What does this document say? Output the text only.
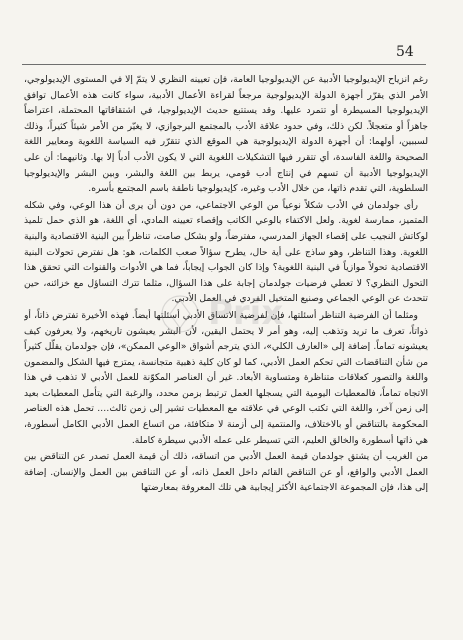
54

رغم انزياح الإيديولوجيا الأدبية عن الإيديولوجيا العامة، فإن تعيينه النظري لا يتمّ إلا في المستوى الإيديولوجي، الأمر الذي يقرّر أجهزة الدولة الإيديولوجية مرجعاً لقراءة الأعمال الأدبية، سواء كانت هذه الأعمال توافق الإيديولوجيا المسيطرة أو تتمرد عليها. وقد يستتبع حديث الإيديولوجيا، في اشتقاقاتها المحتملة، اعتراضاً جاهزاً أو متعجلاً. لكن ذلك، وفي حدود علاقة الأدب بالمجتمع البرجوازي، لا يغيّر من الأمر شيئاً كثيراً، وذلك لسببين، أولهما: أن أجهزة الدولة الإيديولوجية هي الموقع الذي تتقرّر فيه السياسة اللغوية ومعايير اللغة الصحيحة واللغة الفاسدة، أي تتقرر فيها التشكيلات اللغوية التي لا يكون الأدب أدباً إلا بها. وثانيهما: أن على الإيديولوجيا الأدبية أن تسهم في إنتاج أدب قومي، يربط بين اللغة والبشر، وبين البشر والإيديولوجيا السلطوية، التي تقدم ذاتها، من خلال الأدب وغيره، كإيديولوجيا ناطقة باسم المجتمع بأسره.

رأى جولدمان في الأدب شكلاً نوعياً من الوعي الاجتماعي، من دون أن يرى أن هذا الوعي، وفي شكله المتميز، ممارسة لغوية. ولعل الاكتفاء بالوعي الكاتب وإقصاء تعيينه المادي، أي اللغة، هو الذي حمل تلميذ لوكاتش النجيب على إقصاء الجهاز المدرسي، مفترضاً، ولو بشكل صامت، تناظراً بين البنية الاقتصادية والبنية اللغوية. وهذا التناظر، وهو ساذج على أية حال، يطرح سؤالاً صعب الكلمات، هو: هل نفترض تحولات البنية الاقتصادية تحولاً موازياً في البنية اللغوية؟ وإذا كان الجواب إيجاباً، فما هي الأدوات والقنوات التي تحقق هذا التحول النظري؟ لا تعطي فرضيات جولدمان إجابة على هذا السؤال، مثلما تترك التساؤل مع خزائنه، حين تتحدث عن الوعي الجماعي وصنيع المتخيل الفردي في العمل الأدبي.

ومثلما أن الفرضية التناظر أسئلتها، فإن لفرضية الاتساق الأدبي أسئلتها أيضاً. فهذه الأخيرة تفترض ذاتاً، أو ذواتاً، تعرف ما تريد وتذهب إليه، وهو أمر لا يحتمل اليقين، لأن البشر يعيشون تاريخهم، ولا يعرفون كيف يعيشونه تماماً. إضافة إلى «العارف الكلي»، الذي يترجم أشواق «الوعي الممكن»، فإن جولدمان يقلّل كثيراً من شأن التناقضات التي تحكم العمل الأدبي، كما لو كان كلية ذهبية متجانسة، يمتزج فيها الشكل والمضمون واللغة والتصور كعلاقات متناظرة ومتساوية الأبعاد. غير أن العناصر المكوّنة للعمل الأدبي لا تذهب في هذا الاتجاه تماماً، فالمعطيات اليومية التي يسجلها العمل ترتبط بزمن محدد، والرغبة التي يتأمل المعطيات بعيد إلى زمن آخر، واللغة التي تكتب الوعي في علاقته مع المعطيات تشير إلى زمن ثالث…. تحمل هذه العناصر المحكومة بالتناقض أو بالاختلاف، والمنتمية إلى أزمنة لا متكافئة، من اتساع العمل الأدبي الكامل أسطورة، هي ذاتها أسطورة والخالق العليم، التي تسيطر على عمله الأدبي سيطرة كاملة.

من الغريب أن يشتق جولدمان قيمة العمل الأدبي من اتساقه، ذلك أن قيمة العمل تصدر عن التناقض بين العمل الأدبي والواقع، أو عن التناقض القائم داخل العمل ذاته، أو عن التناقض بين العمل والإنسان. إضافة إلى هذا، فإن المجموعة الاجتماعية الأكثر إيجابية هي تلك المعروفة بمعارضتها

Prix
